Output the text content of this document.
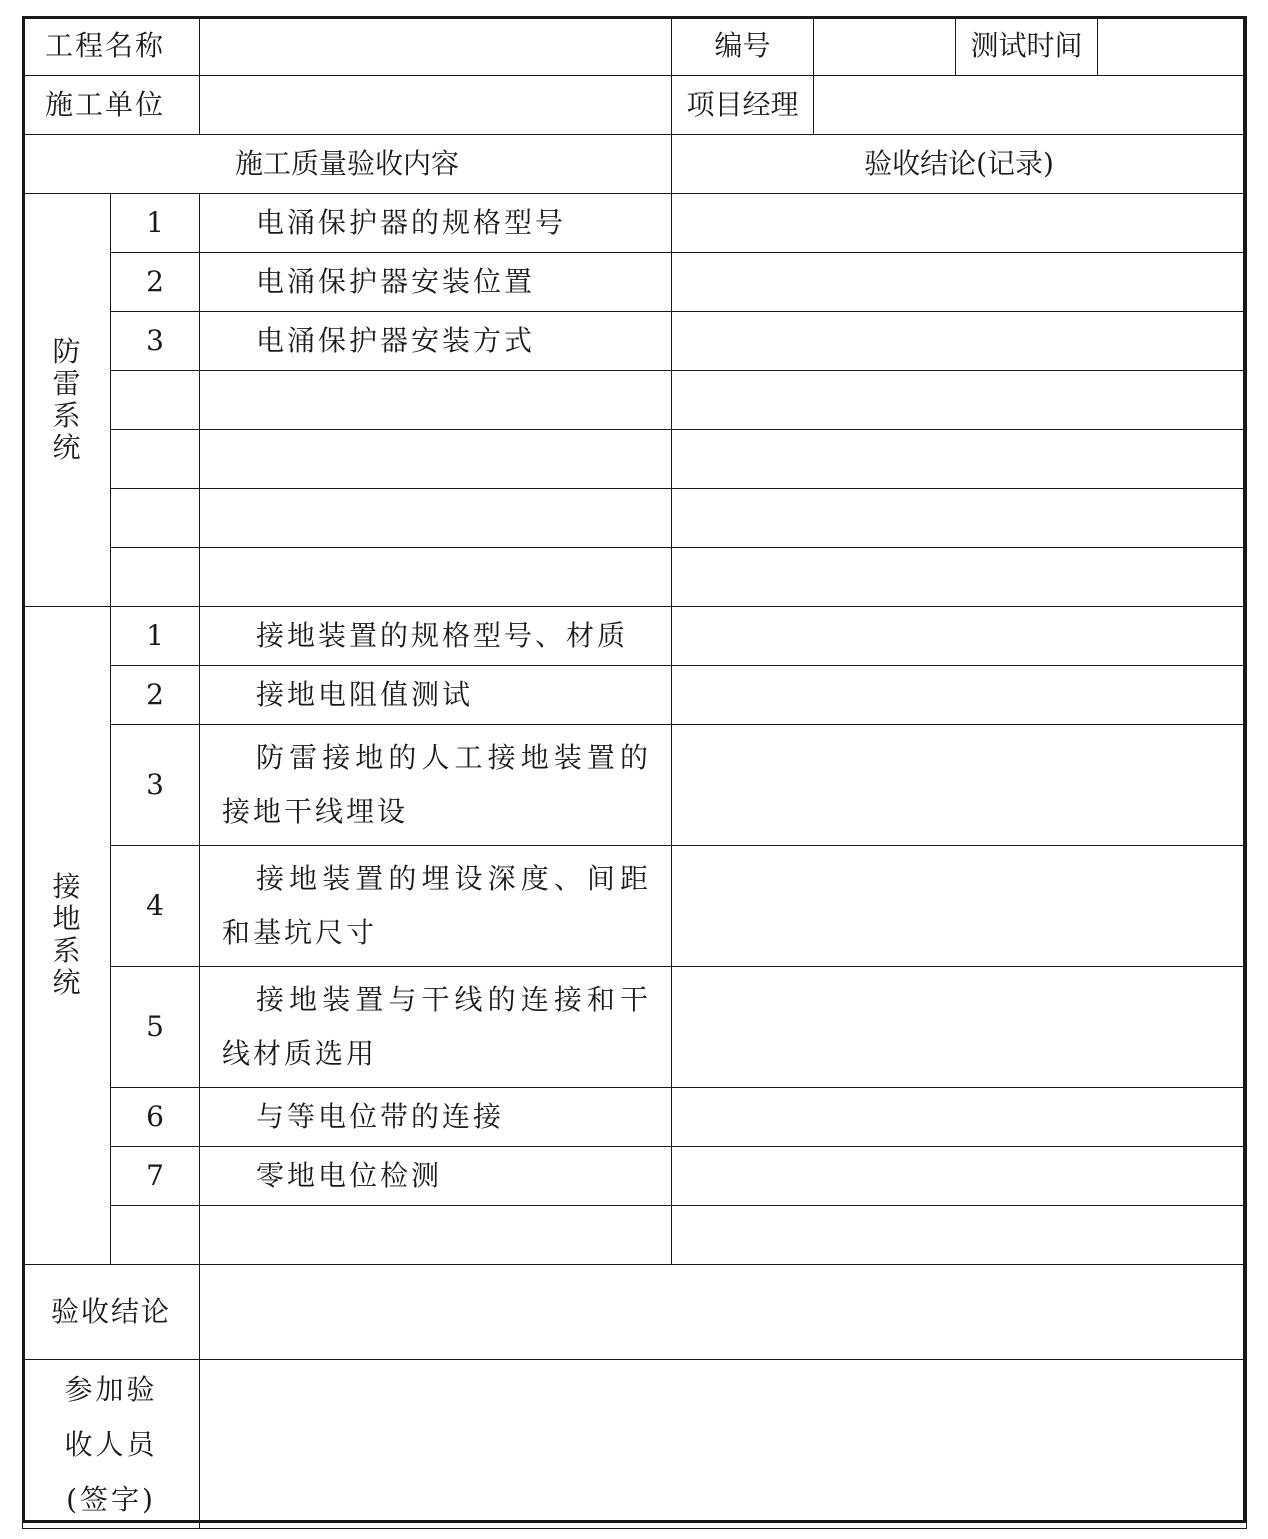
工程名称			编号		测试时间	
施工单位			项目经理			
施工质量验收内容			验收结论(记录)			
防雷系统	1	电涌保护器的规格型号				
	2	电涌保护器安装位置				
	3	电涌保护器安装方式				

接地系统	1	接地装置的规格型号、材质				
	2	接地电阻值测试				
	3	防雷接地的人工接地装置的接地干线埋设				
	4	接地装置的埋设深度、间距和基坑尺寸				
	5	接地装置与干线的连接和干线材质选用				
	6	与等电位带的连接				
	7	零地电位检测				

验收结论						

参加验
收人员
(签字)						
